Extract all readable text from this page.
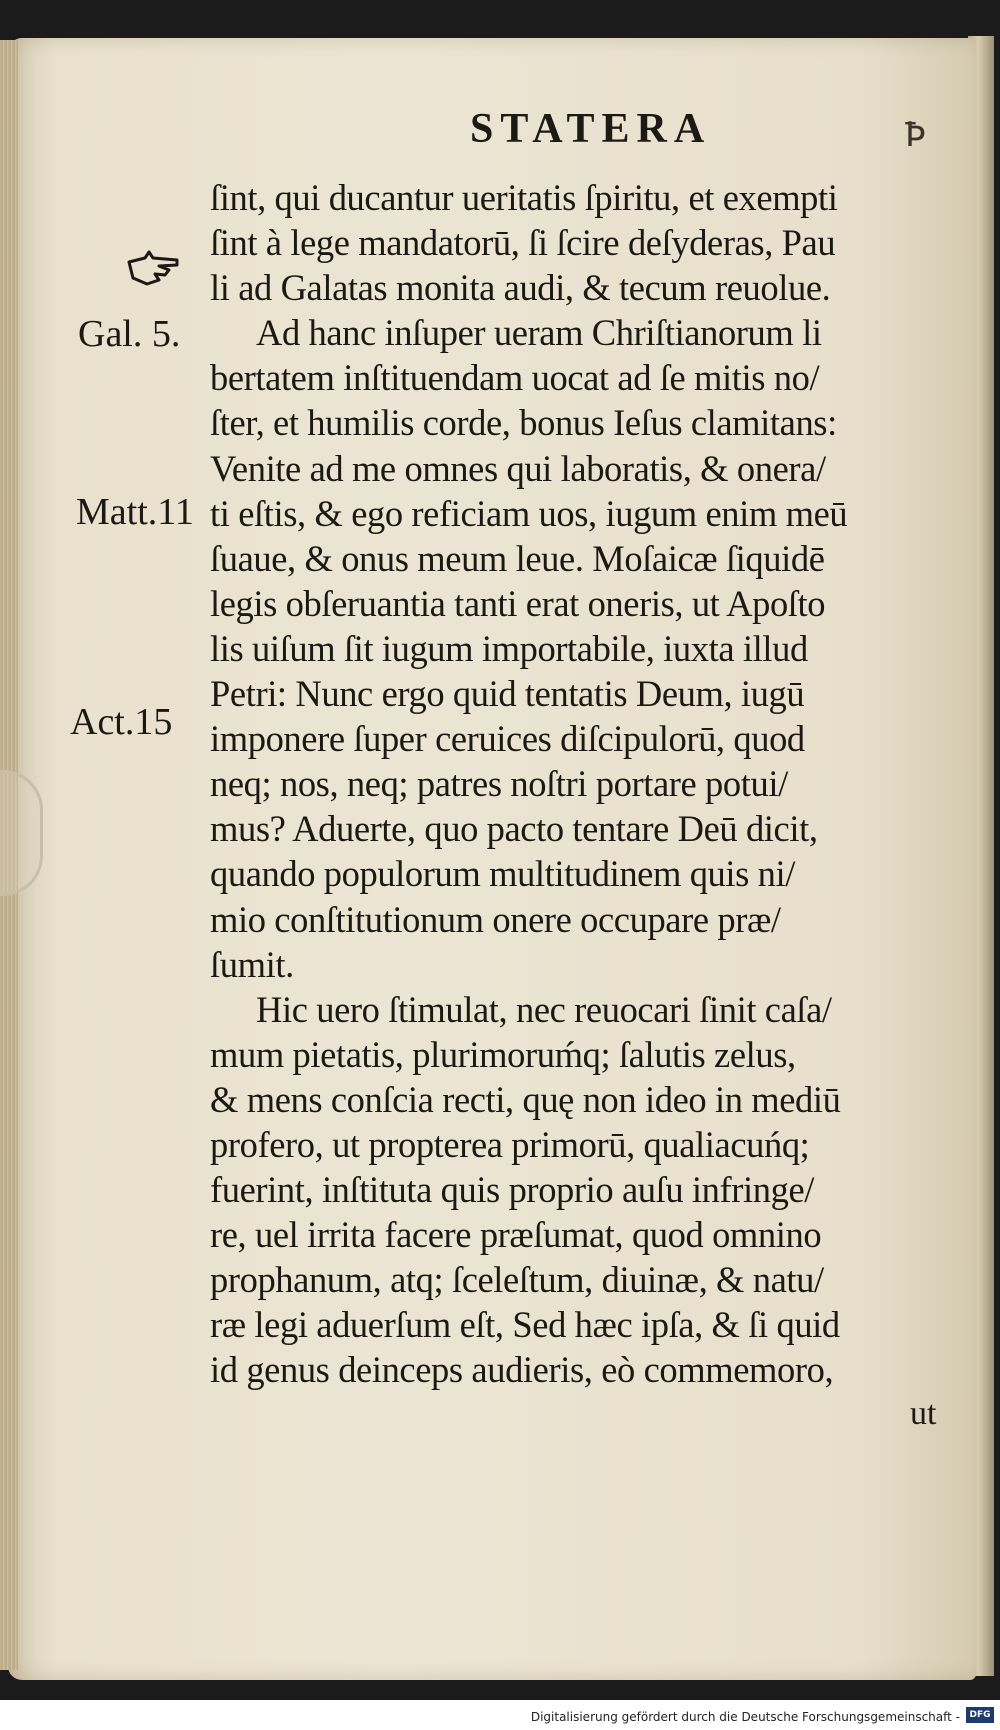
STATERA	Ꝥ
Gal. 5.
Matt.11
Act.15
ſint, qui ducantur ueritatis ſpiritu, et exempti
ſint à lege mandatorū, ſi ſcire deſyderas, Pau
li ad Galatas monita audi, & tecum reuolue.
Ad hanc inſuper ueram Chriſtianorum li
bertatem inſtituendam uocat ad ſe mitis no/
ſter, et humilis corde, bonus Ieſus clamitans:
Venite ad me omnes qui laboratis, & onera/
ti eſtis, & ego reficiam uos, iugum enim meū
ſuaue, & onus meum leue. Moſaicæ ſiquidē
legis obſeruantia tanti erat oneris, ut Apoſto
lis uiſum ſit iugum importabile, iuxta illud
Petri: Nunc ergo quid tentatis Deum, iugū
imponere ſuper ceruices diſcipulorū, quod
neq; nos, neq; patres noſtri portare potui/
mus? Aduerte, quo pacto tentare Deū dicit,
quando populorum multitudinem quis ni/
mio conſtitutionum onere occupare præ/
ſumit.
Hic uero ſtimulat, nec reuocari ſinit caſa/
mum pietatis, plurimoruḿq; ſalutis zelus,
& mens conſcia recti, quę non ideo in mediū
profero, ut propterea primorū, qualiacuńq;
fuerint, inſtituta quis proprio auſu infringe/
re, uel irrita facere præſumat, quod omnino
prophanum, atq; ſceleſtum, diuinæ, & natu/
ræ legi aduerſum eſt, Sed hæc ipſa, & ſi quid
id genus deinceps audieris, eò commemoro,
ut
Digitalisierung gefördert durch die Deutsche Forschungsgemeinschaft -	DFG
